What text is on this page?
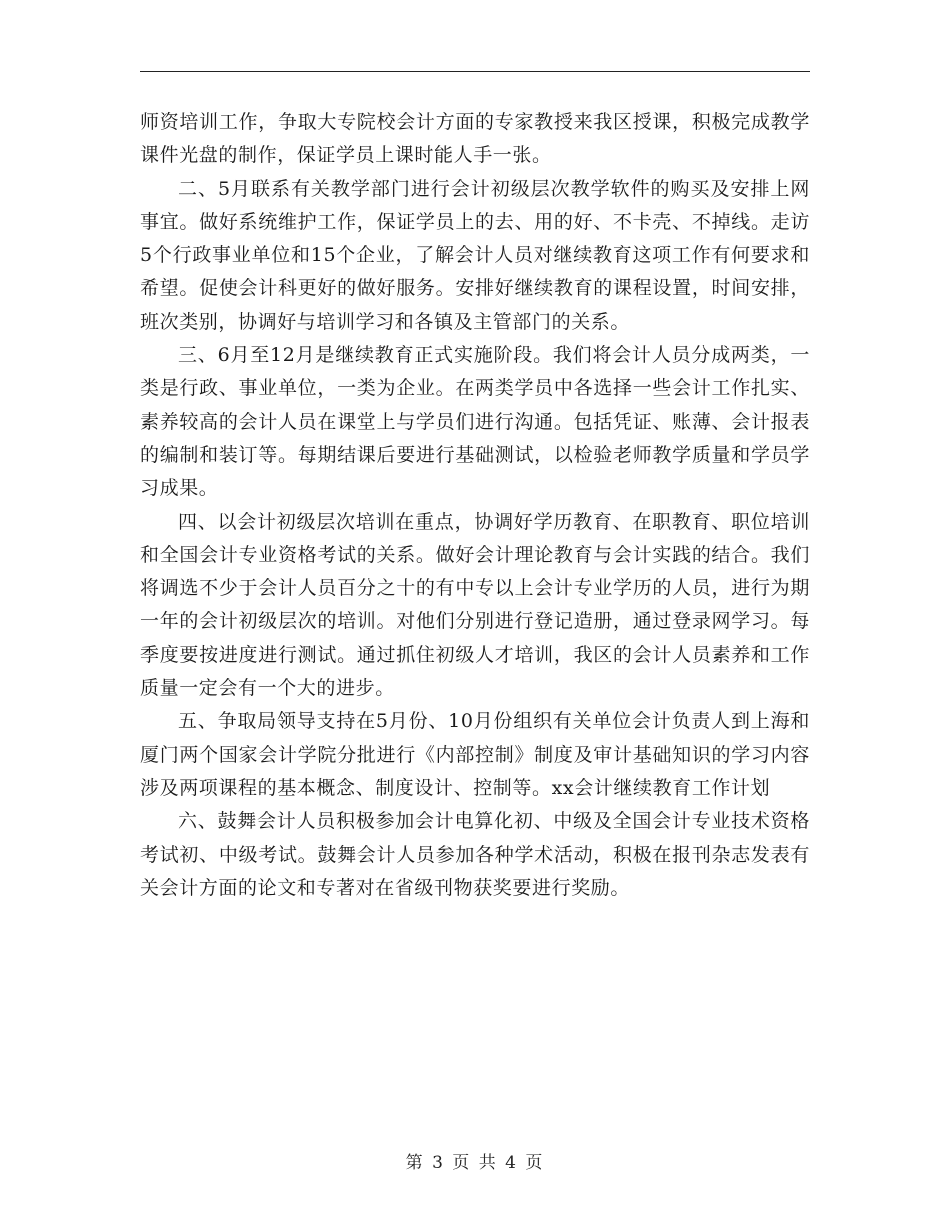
师资培训工作，争取大专院校会计方面的专家教授来我区授课，积极完成教学课件光盘的制作，保证学员上课时能人手一张。

二、5月联系有关教学部门进行会计初级层次教学软件的购买及安排上网事宜。做好系统维护工作，保证学员上的去、用的好、不卡壳、不掉线。走访5个行政事业单位和15个企业，了解会计人员对继续教育这项工作有何要求和希望。促使会计科更好的做好服务。安排好继续教育的课程设置，时间安排，班次类别，协调好与培训学习和各镇及主管部门的关系。

三、6月至12月是继续教育正式实施阶段。我们将会计人员分成两类，一类是行政、事业单位，一类为企业。在两类学员中各选择一些会计工作扎实、素养较高的会计人员在课堂上与学员们进行沟通。包括凭证、账薄、会计报表的编制和装订等。每期结课后要进行基础测试，以检验老师教学质量和学员学习成果。

四、以会计初级层次培训在重点，协调好学历教育、在职教育、职位培训和全国会计专业资格考试的关系。做好会计理论教育与会计实践的结合。我们将调选不少于会计人员百分之十的有中专以上会计专业学历的人员，进行为期一年的会计初级层次的培训。对他们分别进行登记造册，通过登录网学习。每季度要按进度进行测试。通过抓住初级人才培训，我区的会计人员素养和工作质量一定会有一个大的进步。

五、争取局领导支持在5月份、10月份组织有关单位会计负责人到上海和厦门两个国家会计学院分批进行《内部控制》制度及审计基础知识的学习内容涉及两项课程的基本概念、制度设计、控制等。xx会计继续教育工作计划

六、鼓舞会计人员积极参加会计电算化初、中级及全国会计专业技术资格考试初、中级考试。鼓舞会计人员参加各种学术活动，积极在报刊杂志发表有关会计方面的论文和专著对在省级刊物获奖要进行奖励。

第 3 页 共 4 页
